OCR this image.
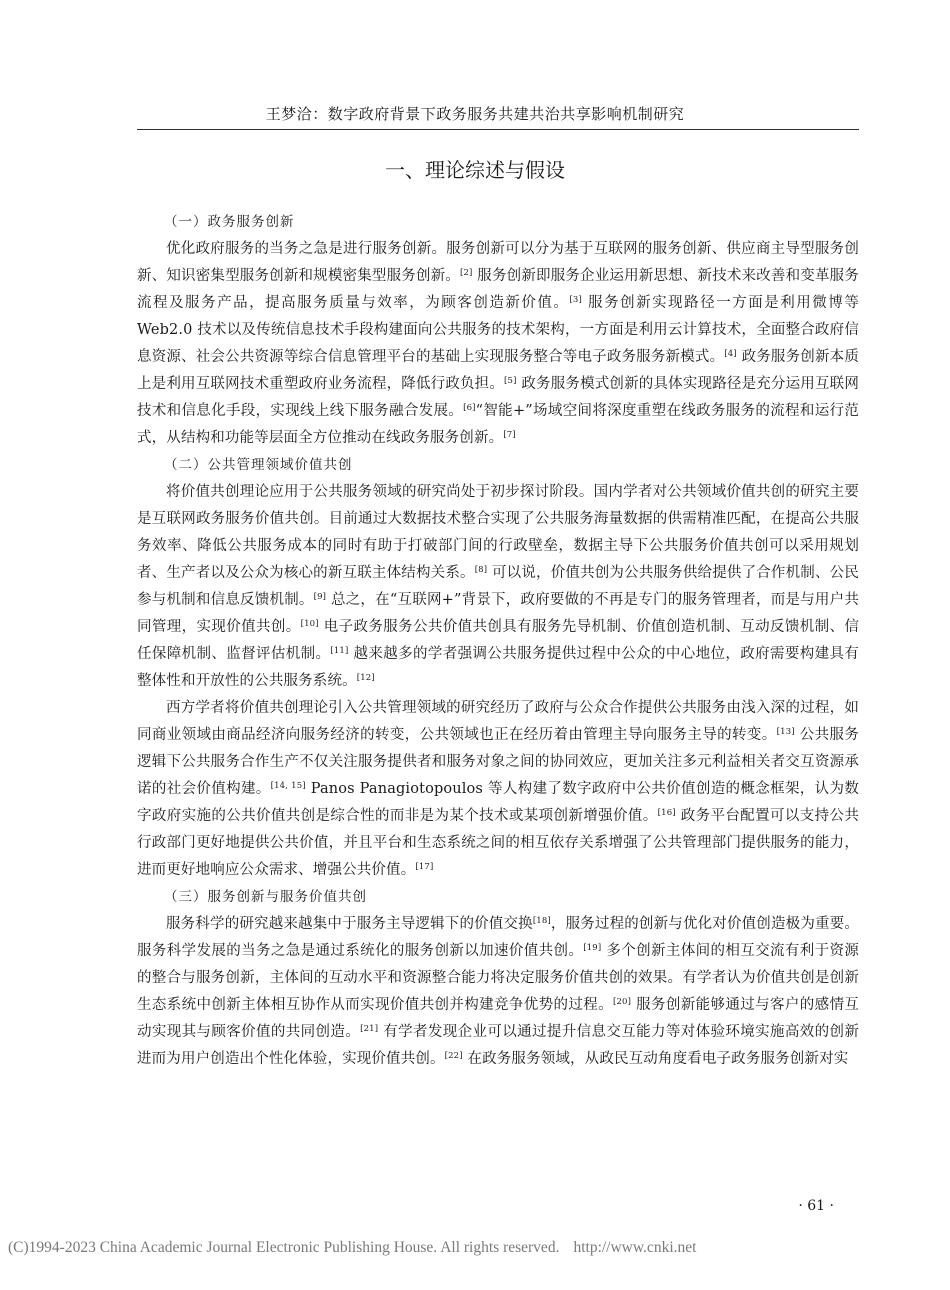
王梦洽：数字政府背景下政务服务共建共治共享影响机制研究
一、理论综述与假设

（一）政务服务创新

优化政府服务的当务之急是进行服务创新。服务创新可以分为基于互联网的服务创新、供应商主导型服务创新、知识密集型服务创新和规模密集型服务创新。[2] 服务创新即服务企业运用新思想、新技术来改善和变革服务流程及服务产品，提高服务质量与效率，为顾客创造新价值。[3] 服务创新实现路径一方面是利用微博等 Web2.0 技术以及传统信息技术手段构建面向公共服务的技术架构，一方面是利用云计算技术，全面整合政府信息资源、社会公共资源等综合信息管理平台的基础上实现服务整合等电子政务服务新模式。[4] 政务服务创新本质上是利用互联网技术重塑政府业务流程，降低行政负担。[5] 政务服务模式创新的具体实现路径是充分运用互联网技术和信息化手段，实现线上线下服务融合发展。[6]“智能+”场域空间将深度重塑在线政务服务的流程和运行范式，从结构和功能等层面全方位推动在线政务服务创新。[7]

（二）公共管理领域价值共创

将价值共创理论应用于公共服务领域的研究尚处于初步探讨阶段。国内学者对公共领域价值共创的研究主要是互联网政务服务价值共创。目前通过大数据技术整合实现了公共服务海量数据的供需精准匹配，在提高公共服务效率、降低公共服务成本的同时有助于打破部门间的行政壁垒，数据主导下公共服务价值共创可以采用规划者、生产者以及公众为核心的新互联主体结构关系。[8] 可以说，价值共创为公共服务供给提供了合作机制、公民参与机制和信息反馈机制。[9] 总之，在“互联网+”背景下，政府要做的不再是专门的服务管理者，而是与用户共同管理，实现价值共创。[10] 电子政务服务公共价值共创具有服务先导机制、价值创造机制、互动反馈机制、信任保障机制、监督评估机制。[11] 越来越多的学者强调公共服务提供过程中公众的中心地位，政府需要构建具有整体性和开放性的公共服务系统。[12]

西方学者将价值共创理论引入公共管理领域的研究经历了政府与公众合作提供公共服务由浅入深的过程，如同商业领域由商品经济向服务经济的转变，公共领域也正在经历着由管理主导向服务主导的转变。[13] 公共服务逻辑下公共服务合作生产不仅关注服务提供者和服务对象之间的协同效应，更加关注多元利益相关者交互资源承诺的社会价值构建。[14, 15] Panos Panagiotopoulos 等人构建了数字政府中公共价值创造的概念框架，认为数字政府实施的公共价值共创是综合性的而非是为某个技术或某项创新增强价值。[16] 政务平台配置可以支持公共行政部门更好地提供公共价值，并且平台和生态系统之间的相互依存关系增强了公共管理部门提供服务的能力，进而更好地响应公众需求、增强公共价值。[17]

（三）服务创新与服务价值共创

服务科学的研究越来越集中于服务主导逻辑下的价值交换[18]，服务过程的创新与优化对价值创造极为重要。服务科学发展的当务之急是通过系统化的服务创新以加速价值共创。[19] 多个创新主体间的相互交流有利于资源的整合与服务创新，主体间的互动水平和资源整合能力将决定服务价值共创的效果。有学者认为价值共创是创新生态系统中创新主体相互协作从而实现价值共创并构建竞争优势的过程。[20] 服务创新能够通过与客户的感情互动实现其与顾客价值的共同创造。[21] 有学者发现企业可以通过提升信息交互能力等对体验环境实施高效的创新进而为用户创造出个性化体验，实现价值共创。[22] 在政务服务领域，从政民互动角度看电子政务服务创新对实

· 61 ·
(C)1994-2023 China Academic Journal Electronic Publishing House. All rights reserved. http://www.cnki.net
